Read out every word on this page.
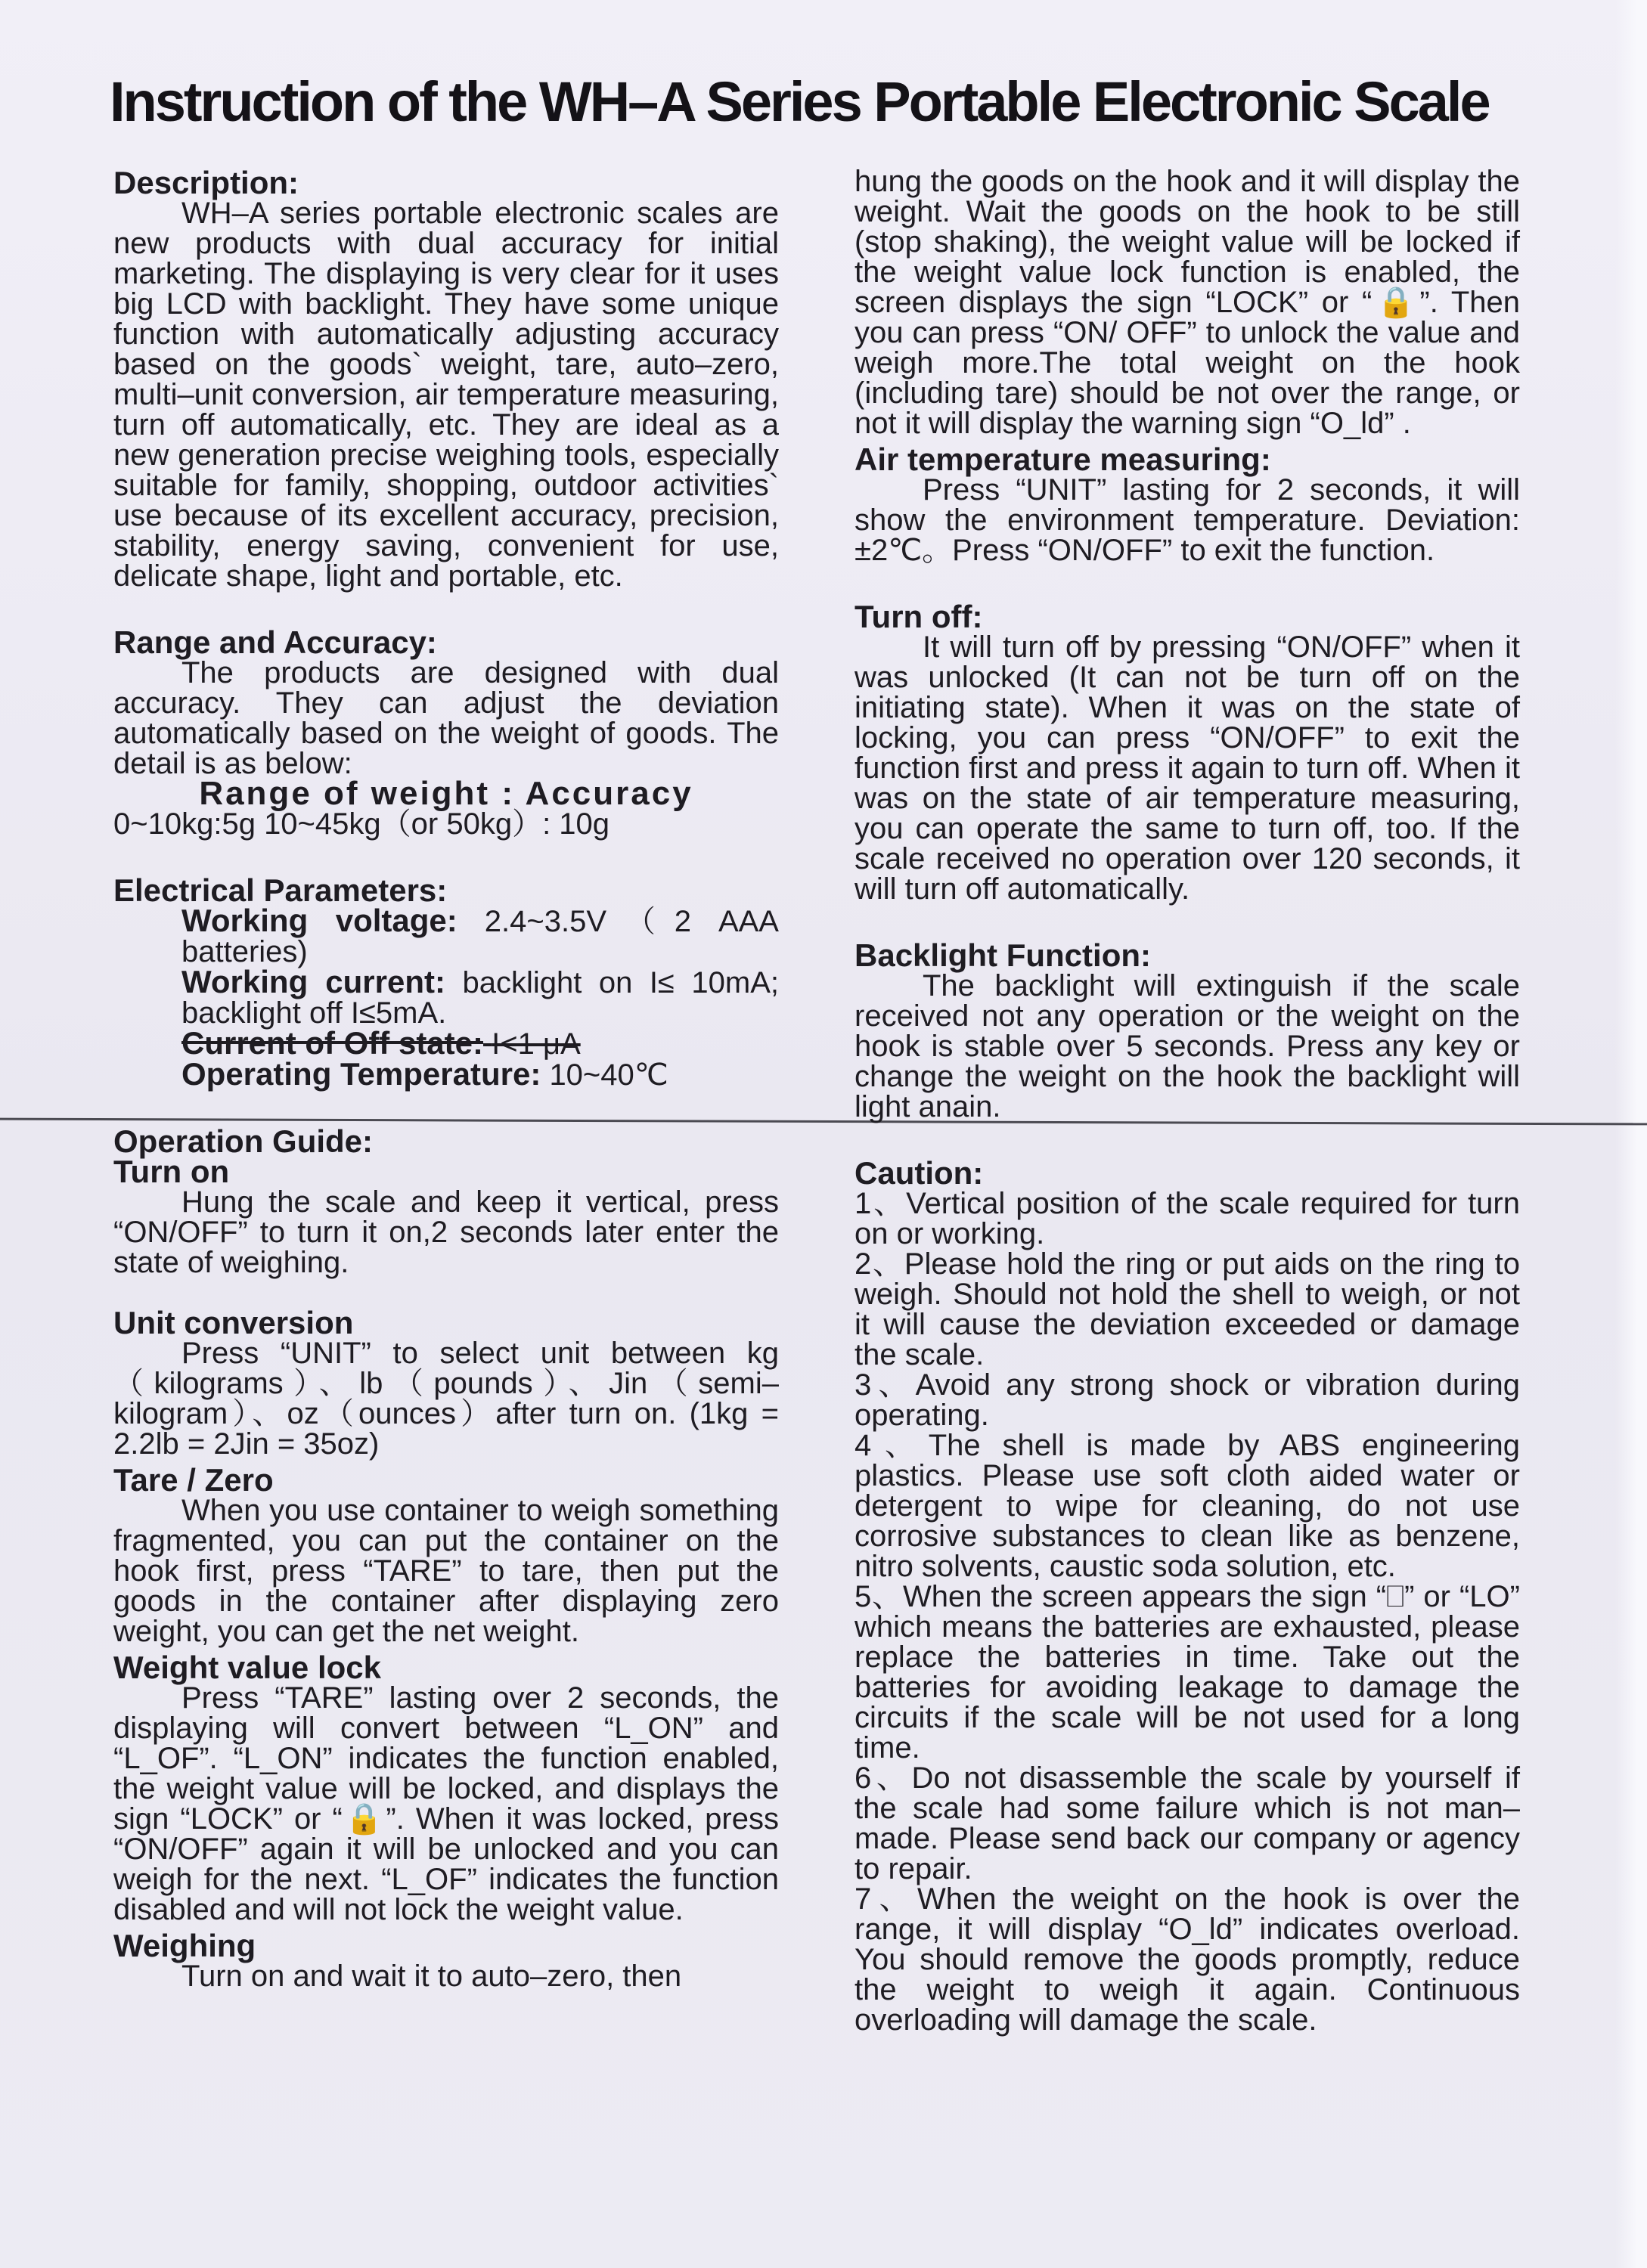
Instruction of the WH–A Series Portable Electronic Scale
Description:

WH–A series portable electronic scales are new products with dual accuracy for initial marketing. The displaying is very clear for it uses big LCD with backlight. They have some unique function with automatically adjusting accuracy based on the goods` weight, tare, auto–zero, multi–unit conversion, air temperature measuring, turn off automatically, etc. They are ideal as a new generation precise weighing tools, especially suitable for family, shopping, outdoor activities` use because of its excellent accuracy, precision, stability, energy saving, convenient for use, delicate shape, light and portable, etc.

Range and Accuracy:

The products are designed with dual accuracy. They can adjust the deviation automatically based on the weight of goods. The detail is as below:

Range of weight : Accuracy
0~10kg:5g 10~45kg（or 50kg）: 10g
Electrical Parameters:

Working voltage: 2.4~3.5V（2 AAA batteries)

Working current: backlight on I≤ 10mA; backlight off I≤5mA.

Current of Off state: I<1 μA

Operating Temperature: 10~40℃

Operation Guide:
Turn on

Hung the scale and keep it vertical, press “ON/OFF” to turn it on,2 seconds later enter the state of weighing.

Unit conversion

Press “UNIT” to select unit between kg（kilograms）、lb（pounds）、Jin（semi–kilogram）、oz（ounces）after turn on. (1kg = 2.2lb = 2Jin = 35oz)

Tare / Zero

When you use container to weigh something fragmented, you can put the container on the hook first, press “TARE” to tare, then put the goods in the container after displaying zero weight, you can get the net weight.

Weight value lock

Press “TARE” lasting over 2 seconds, the displaying will convert between “L_ON” and “L_OF”. “L_ON” indicates the function enabled, the weight value will be locked, and displays the sign “LOCK” or “🔒”. When it was locked, press “ON/OFF” again it will be unlocked and you can weigh for the next. “L_OF” indicates the function disabled and will not lock the weight value.

Weighing

Turn on and wait it to auto–zero, then

hung the goods on the hook and it will display the weight. Wait the goods on the hook to be still (stop shaking), the weight value will be locked if the weight value lock function is enabled, the screen displays the sign “LOCK” or “🔒”. Then you can press “ON/ OFF” to unlock the value and weigh more.The total weight on the hook (including tare) should be not over the range, or not it will display the warning sign “O_ld” .

Air temperature measuring:

Press “UNIT” lasting for 2 seconds, it will show the environment temperature. Deviation: ±2℃。Press “ON/OFF” to exit the function.

Turn off:

It will turn off by pressing “ON/OFF” when it was unlocked (It can not be turn off on the initiating state). When it was on the state of locking, you can press “ON/OFF” to exit the function first and press it again to turn off. When it was on the state of air temperature measuring, you can operate the same to turn off, too. If the scale received no operation over 120 seconds, it will turn off automatically.

Backlight Function:

The backlight will extinguish if the scale received not any operation or the weight on the hook is stable over 5 seconds. Press any key or change the weight on the hook the backlight will light anain.

Caution:

1、Vertical position of the scale required for turn on or working.

2、Please hold the ring or put aids on the ring to weigh. Should not hold the shell to weigh, or not it will cause the deviation exceeded or damage the scale.

3、Avoid any strong shock or vibration during operating.

4、The shell is made by ABS engineering plastics. Please use soft cloth aided water or detergent to wipe for cleaning, do not use corrosive substances to clean like as benzene, nitro solvents, caustic soda solution, etc.

5、When the screen appears the sign “⎕” or “LO” which means the batteries are exhausted, please replace the batteries in time. Take out the batteries for avoiding leakage to damage the circuits if the scale will be not used for a long time.

6、Do not disassemble the scale by yourself if the scale had some failure which is not man–made. Please send back our company or agency to repair.

7、When the weight on the hook is over the range, it will display “O_ld” indicates overload. You should remove the goods promptly, reduce the weight to weigh it again. Continuous overloading will damage the scale.
